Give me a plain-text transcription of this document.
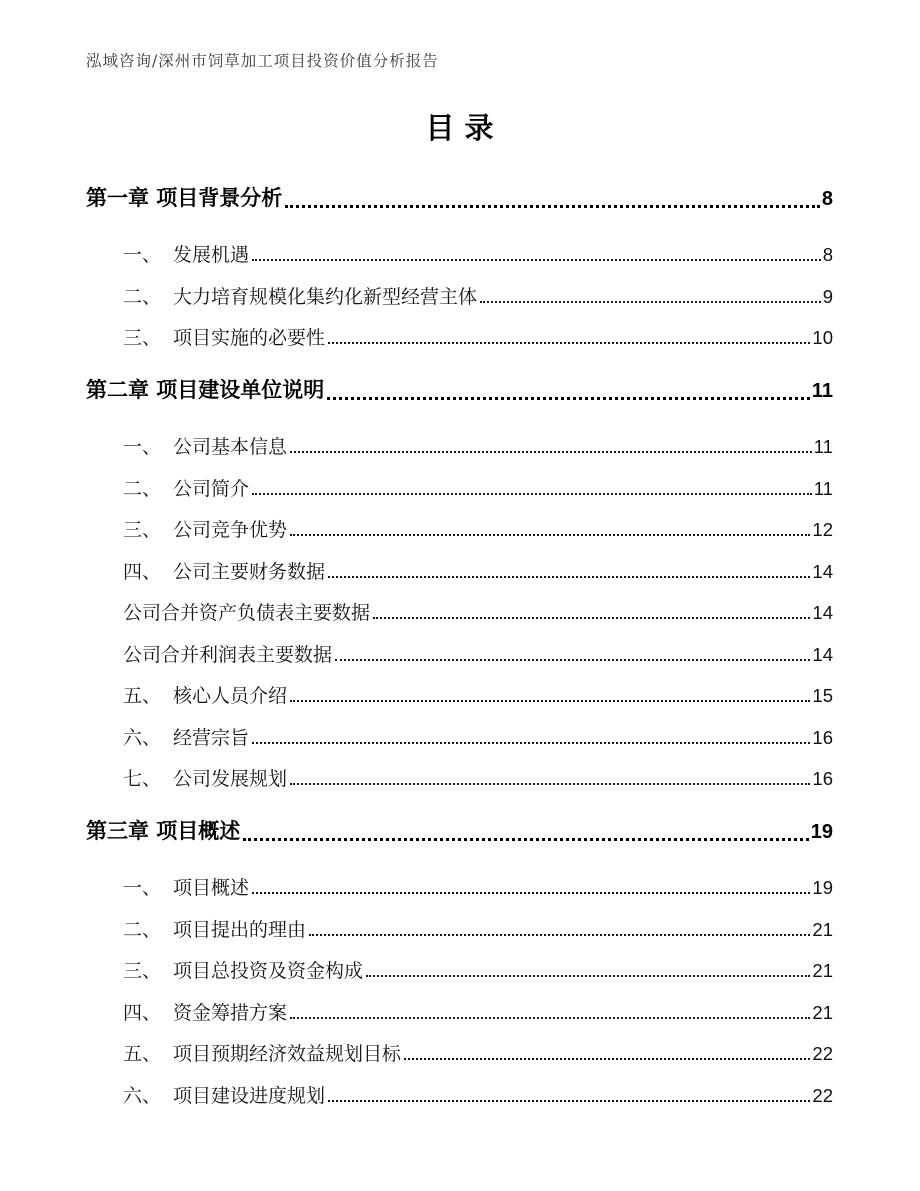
泓域咨询/深州市饲草加工项目投资价值分析报告
目录
第一章 项目背景分析	8
一、 发展机遇	8
二、 大力培育规模化集约化新型经营主体	9
三、 项目实施的必要性	10
第二章 项目建设单位说明	11
一、 公司基本信息	11
二、 公司简介	11
三、 公司竞争优势	12
四、 公司主要财务数据	14
公司合并资产负债表主要数据	14
公司合并利润表主要数据	14
五、 核心人员介绍	15
六、 经营宗旨	16
七、 公司发展规划	16
第三章 项目概述	19
一、 项目概述	19
二、 项目提出的理由	21
三、 项目总投资及资金构成	21
四、 资金筹措方案	21
五、 项目预期经济效益规划目标	22
六、 项目建设进度规划	22
